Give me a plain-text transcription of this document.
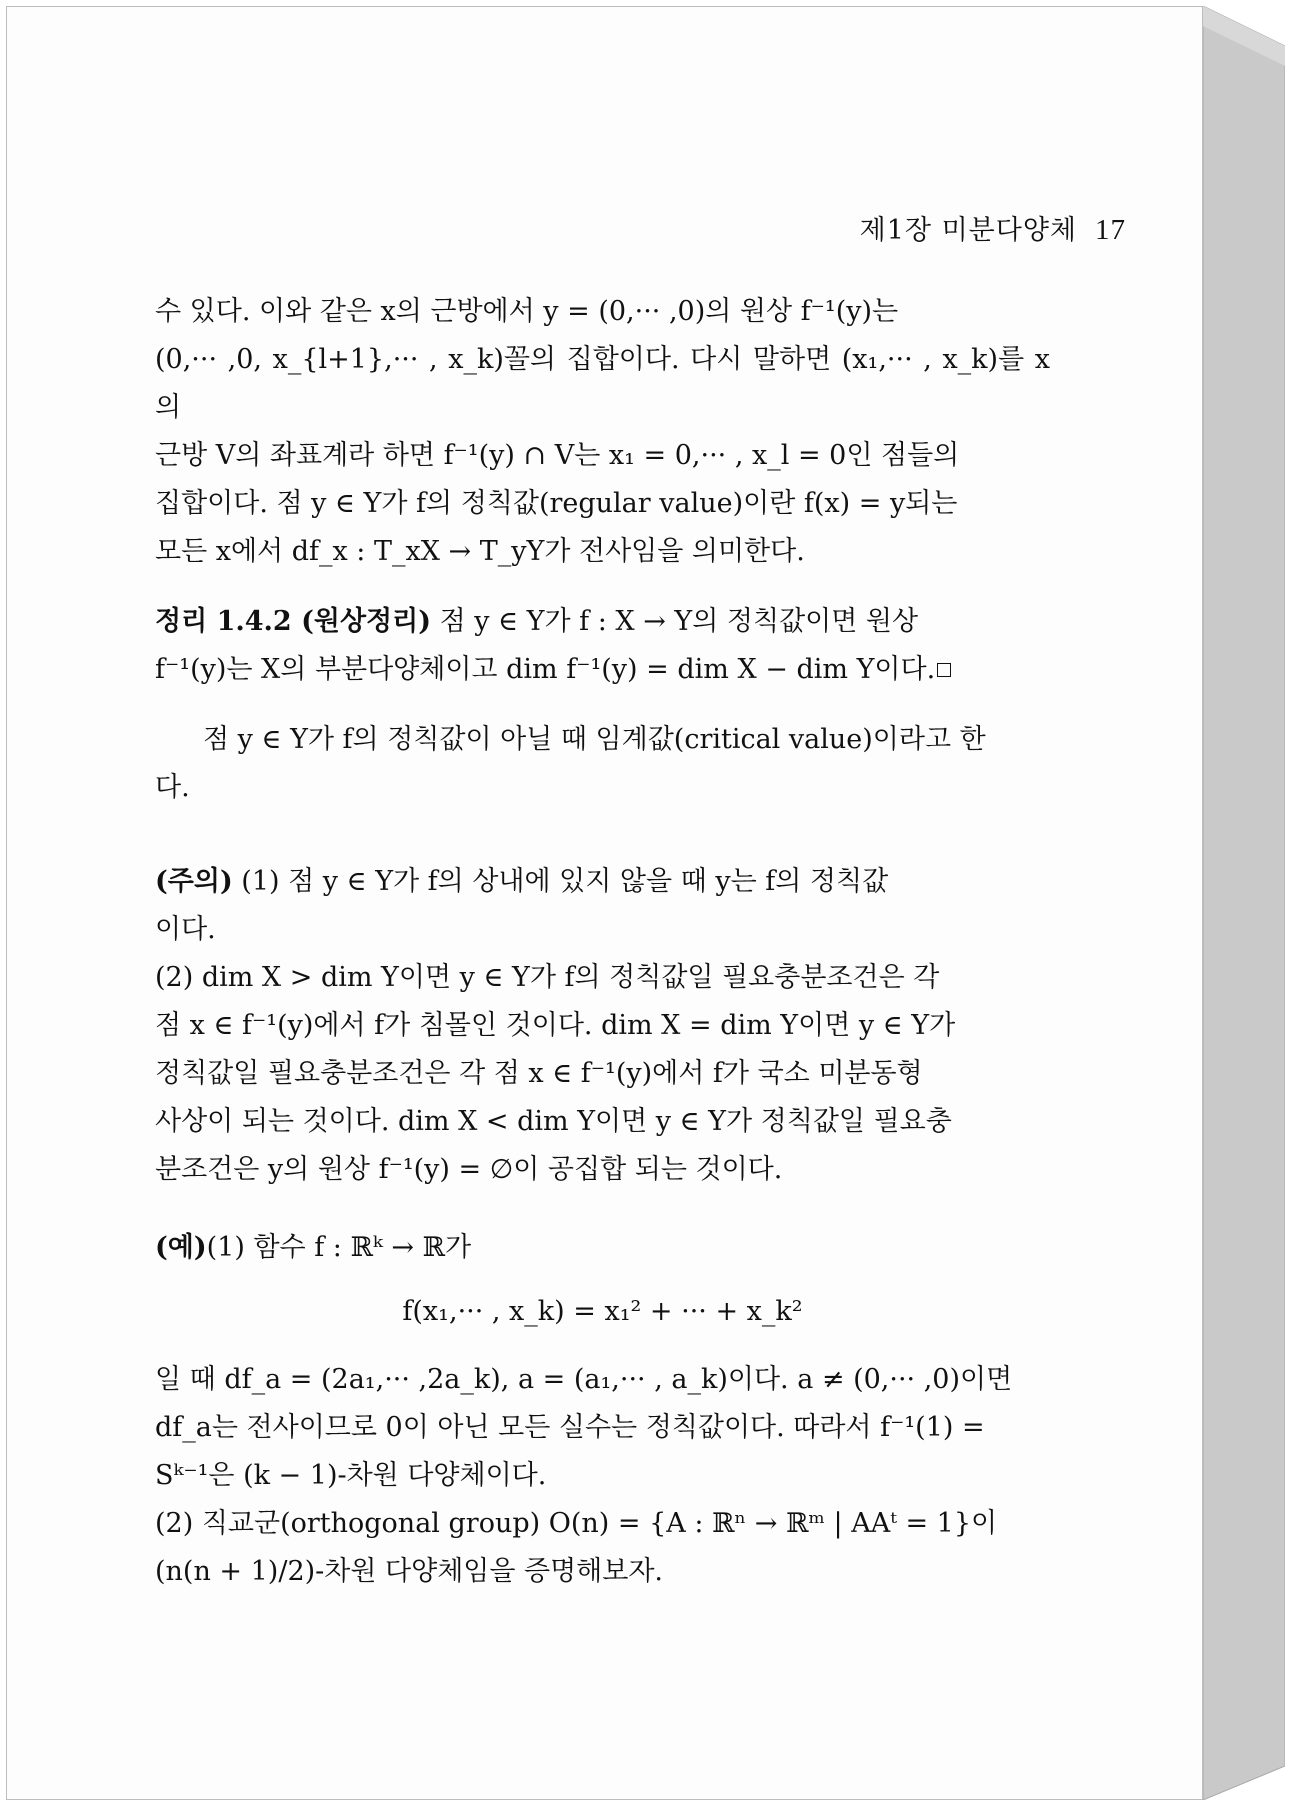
제1장 미분다양체 17

수 있다. 이와 같은 x의 근방에서 y = (0,··· ,0)의 원상 f⁻¹(y)는

(0,··· ,0, x_{l+1},··· , x_k)꼴의 집합이다. 다시 말하면 (x₁,··· , x_k)를 x의

근방 V의 좌표계라 하면 f⁻¹(y) ∩ V는 x₁ = 0,··· , x_l = 0인 점들의

집합이다. 점 y ∈ Y가 f의 정칙값(regular value)이란 f(x) = y되는

모든 x에서 df_x : T_xX → T_yY가 전사임을 의미한다.

정리 1.4.2 (원상정리) 점 y ∈ Y가 f : X → Y의 정칙값이면 원상

f⁻¹(y)는 X의 부분다양체이고 dim f⁻¹(y) = dim X − dim Y이다.

점 y ∈ Y가 f의 정칙값이 아닐 때 임계값(critical value)이라고 한

다.

(주의) (1) 점 y ∈ Y가 f의 상내에 있지 않을 때 y는 f의 정칙값

이다.

(2) dim X > dim Y이면 y ∈ Y가 f의 정칙값일 필요충분조건은 각

점 x ∈ f⁻¹(y)에서 f가 침몰인 것이다. dim X = dim Y이면 y ∈ Y가

정칙값일 필요충분조건은 각 점 x ∈ f⁻¹(y)에서 f가 국소 미분동형

사상이 되는 것이다. dim X < dim Y이면 y ∈ Y가 정칙값일 필요충

분조건은 y의 원상 f⁻¹(y) = ∅이 공집합 되는 것이다.

(예)(1) 함수 f : ℝᵏ → ℝ가

f(x₁,··· , x_k) = x₁² + ··· + x_k²

일 때 df_a = (2a₁,··· ,2a_k), a = (a₁,··· , a_k)이다. a ≠ (0,··· ,0)이면

df_a는 전사이므로 0이 아닌 모든 실수는 정칙값이다. 따라서 f⁻¹(1) =

Sᵏ⁻¹은 (k − 1)-차원 다양체이다.

(2) 직교군(orthogonal group) O(n) = {A : ℝⁿ → ℝᵐ | AAᵗ = 1}이

(n(n + 1)/2)-차원 다양체임을 증명해보자.
